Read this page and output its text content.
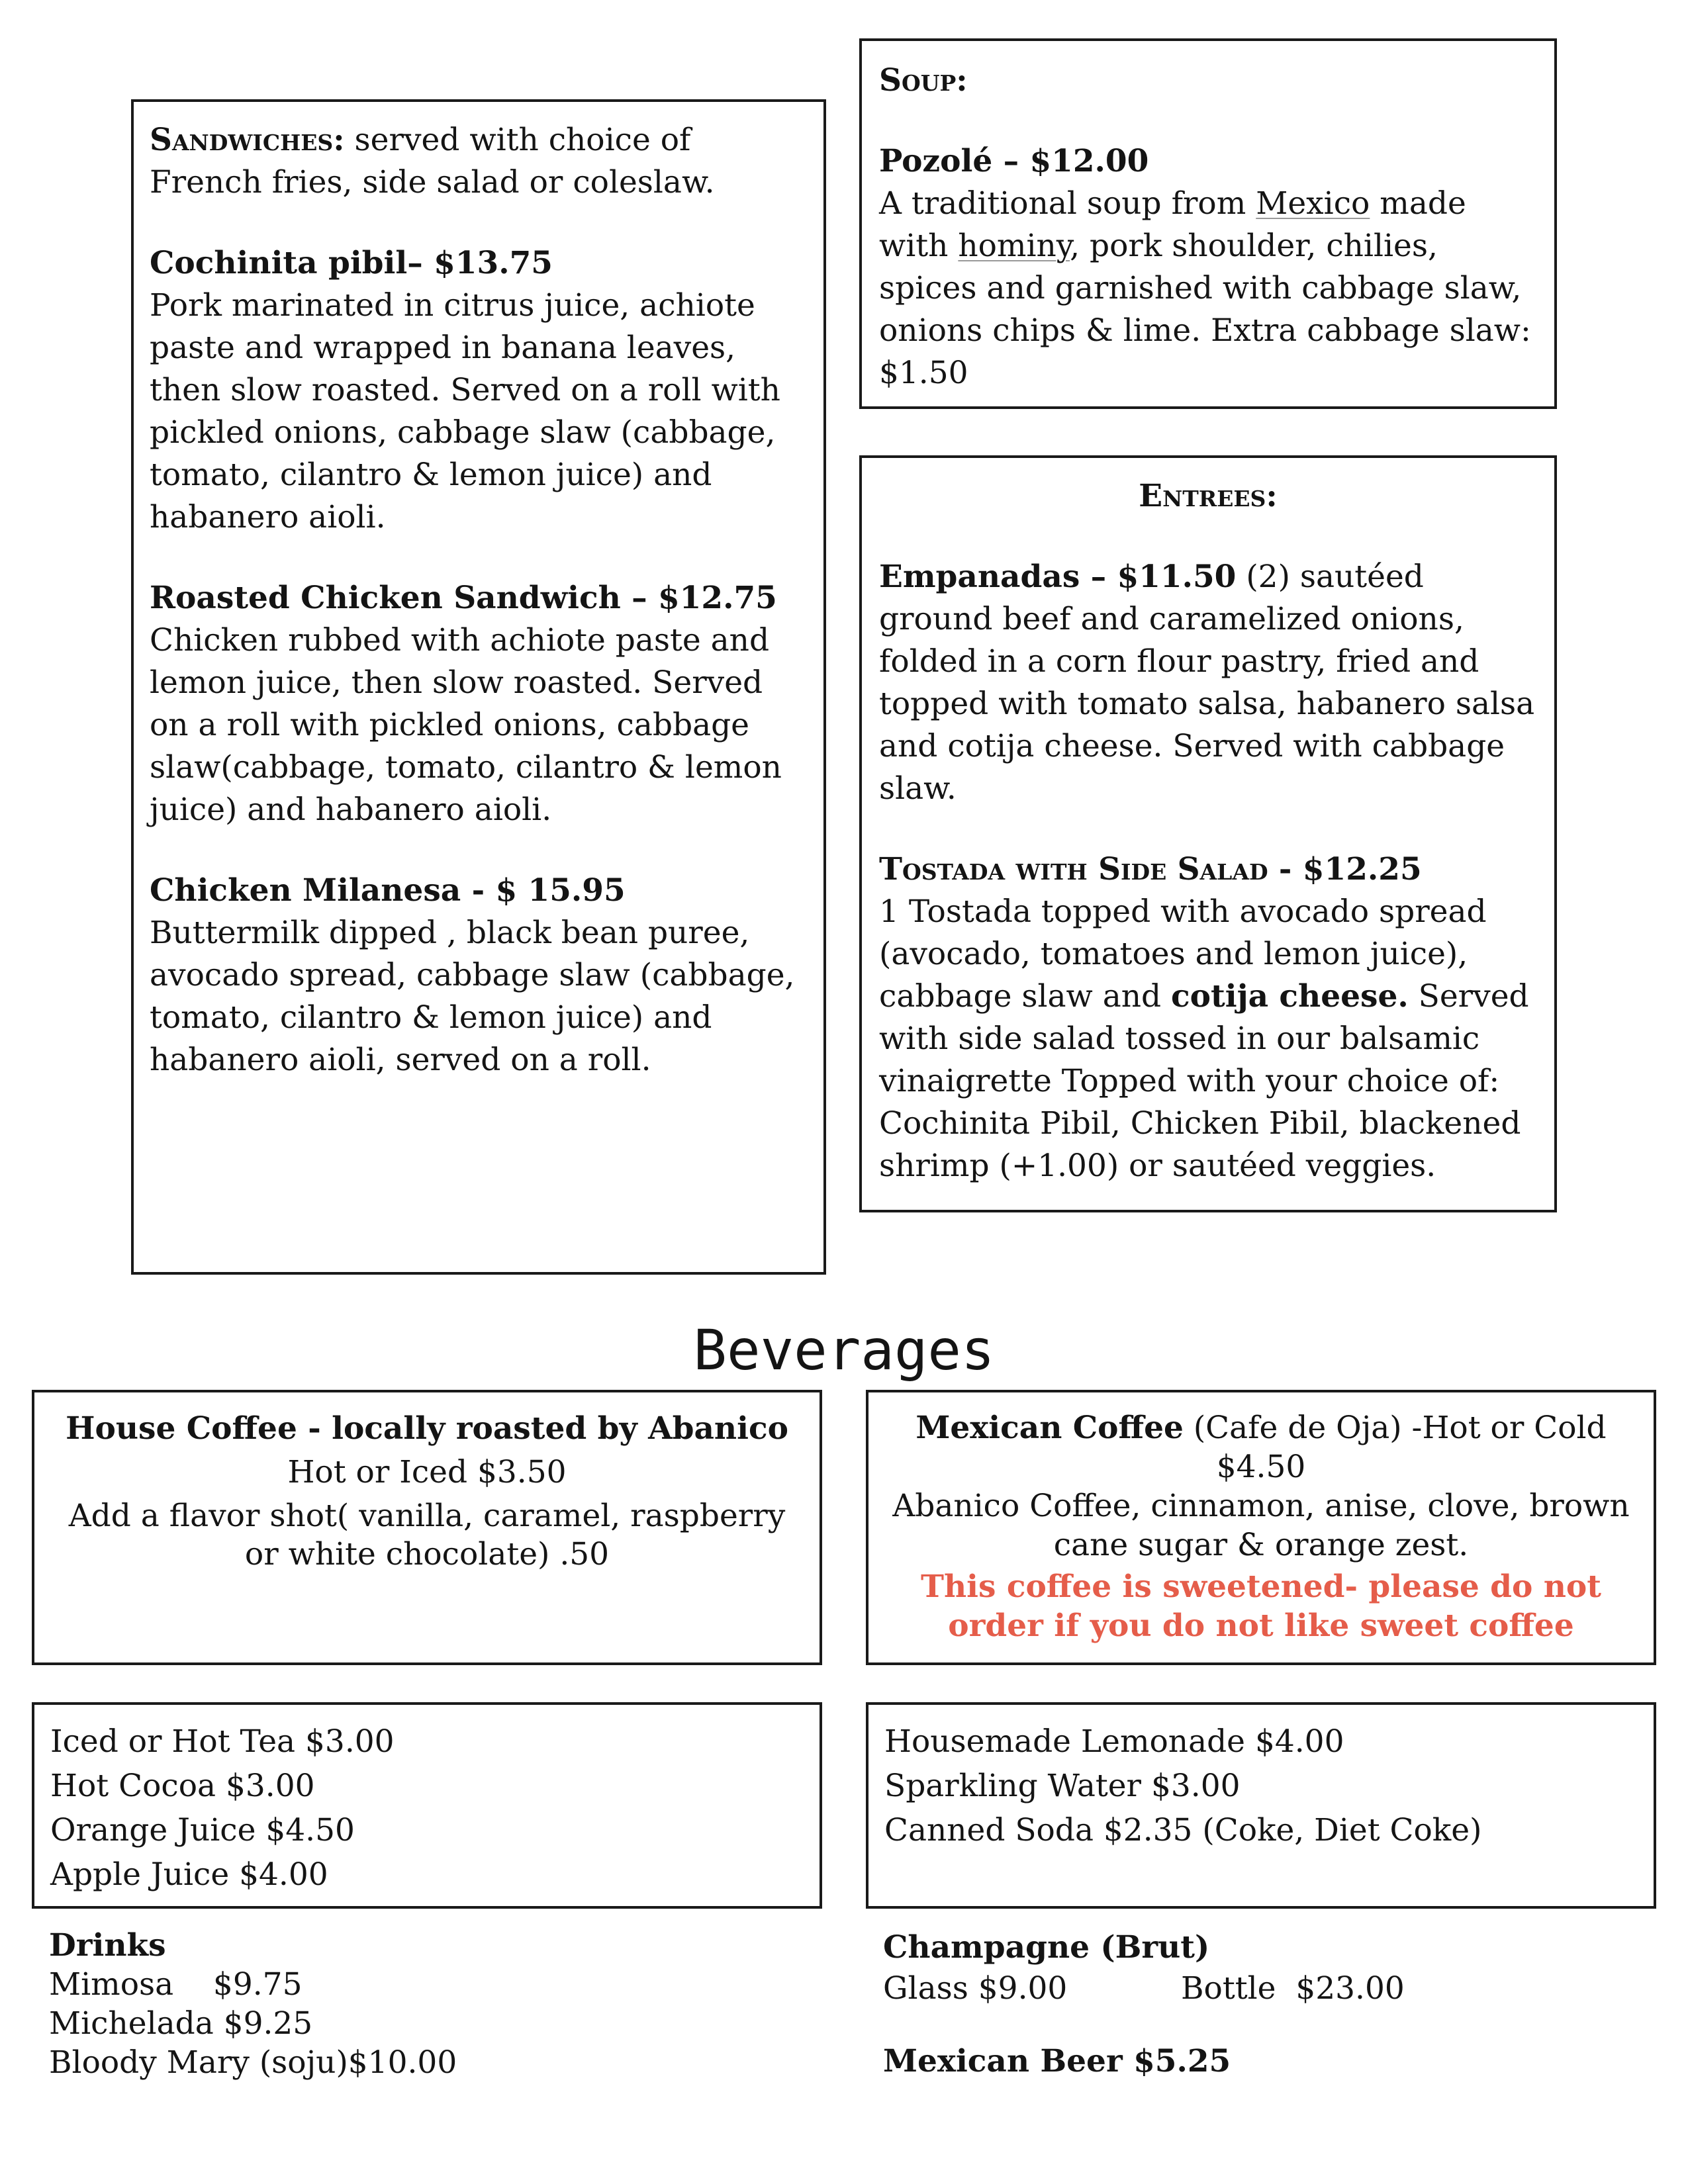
Sandwiches: served with choice of French fries, side salad or coleslaw.

Cochinita pibil– $13.75

Pork marinated in citrus juice, achiote paste and wrapped in banana leaves, then slow roasted. Served on a roll with pickled onions, cabbage slaw (cabbage, tomato, cilantro & lemon juice) and habanero aioli.

Roasted Chicken Sandwich – $12.75

Chicken rubbed with achiote paste and lemon juice, then slow roasted. Served on a roll with pickled onions, cabbage slaw(cabbage, tomato, cilantro & lemon juice) and habanero aioli.

Chicken Milanesa - $ 15.95

Buttermilk dipped , black bean puree, avocado spread, cabbage slaw (cabbage, tomato, cilantro & lemon juice) and habanero aioli, served on a roll.

Soup:

Pozolé – $12.00

A traditional soup from Mexico made with hominy, pork shoulder, chilies, spices and garnished with cabbage slaw, onions chips & lime. Extra cabbage slaw: $1.50

Entrees:

Empanadas – $11.50 (2) sautéed ground beef and caramelized onions, folded in a corn flour pastry, fried and topped with tomato salsa, habanero salsa and cotija cheese. Served with cabbage slaw.

Tostada with Side Salad - $12.25

1 Tostada topped with avocado spread (avocado, tomatoes and lemon juice), cabbage slaw and cotija cheese. Served with side salad tossed in our balsamic vinaigrette Topped with your choice of: Cochinita Pibil, Chicken Pibil, blackened shrimp (+1.00) or sautéed veggies.

Beverages

House Coffee - locally roasted by Abanico

Hot or Iced $3.50

Add a flavor shot( vanilla, caramel, raspberry or white chocolate) .50

Mexican Coffee (Cafe de Oja) -Hot or Cold

$4.50

Abanico Coffee, cinnamon, anise, clove, brown cane sugar & orange zest.

This coffee is sweetened- please do not order if you do not like sweet coffee

Iced or Hot Tea $3.00

Hot Cocoa $3.00

Orange Juice $4.50

Apple Juice $4.00

Housemade Lemonade $4.00

Sparkling Water $3.00

Canned Soda $2.35 (Coke, Diet Coke)

Drinks

Mimosa    $9.75

Michelada $9.25

Bloody Mary (soju)$10.00

Champagne (Brut)

Glass $9.00	Bottle  $23.00
Mexican Beer $5.25
